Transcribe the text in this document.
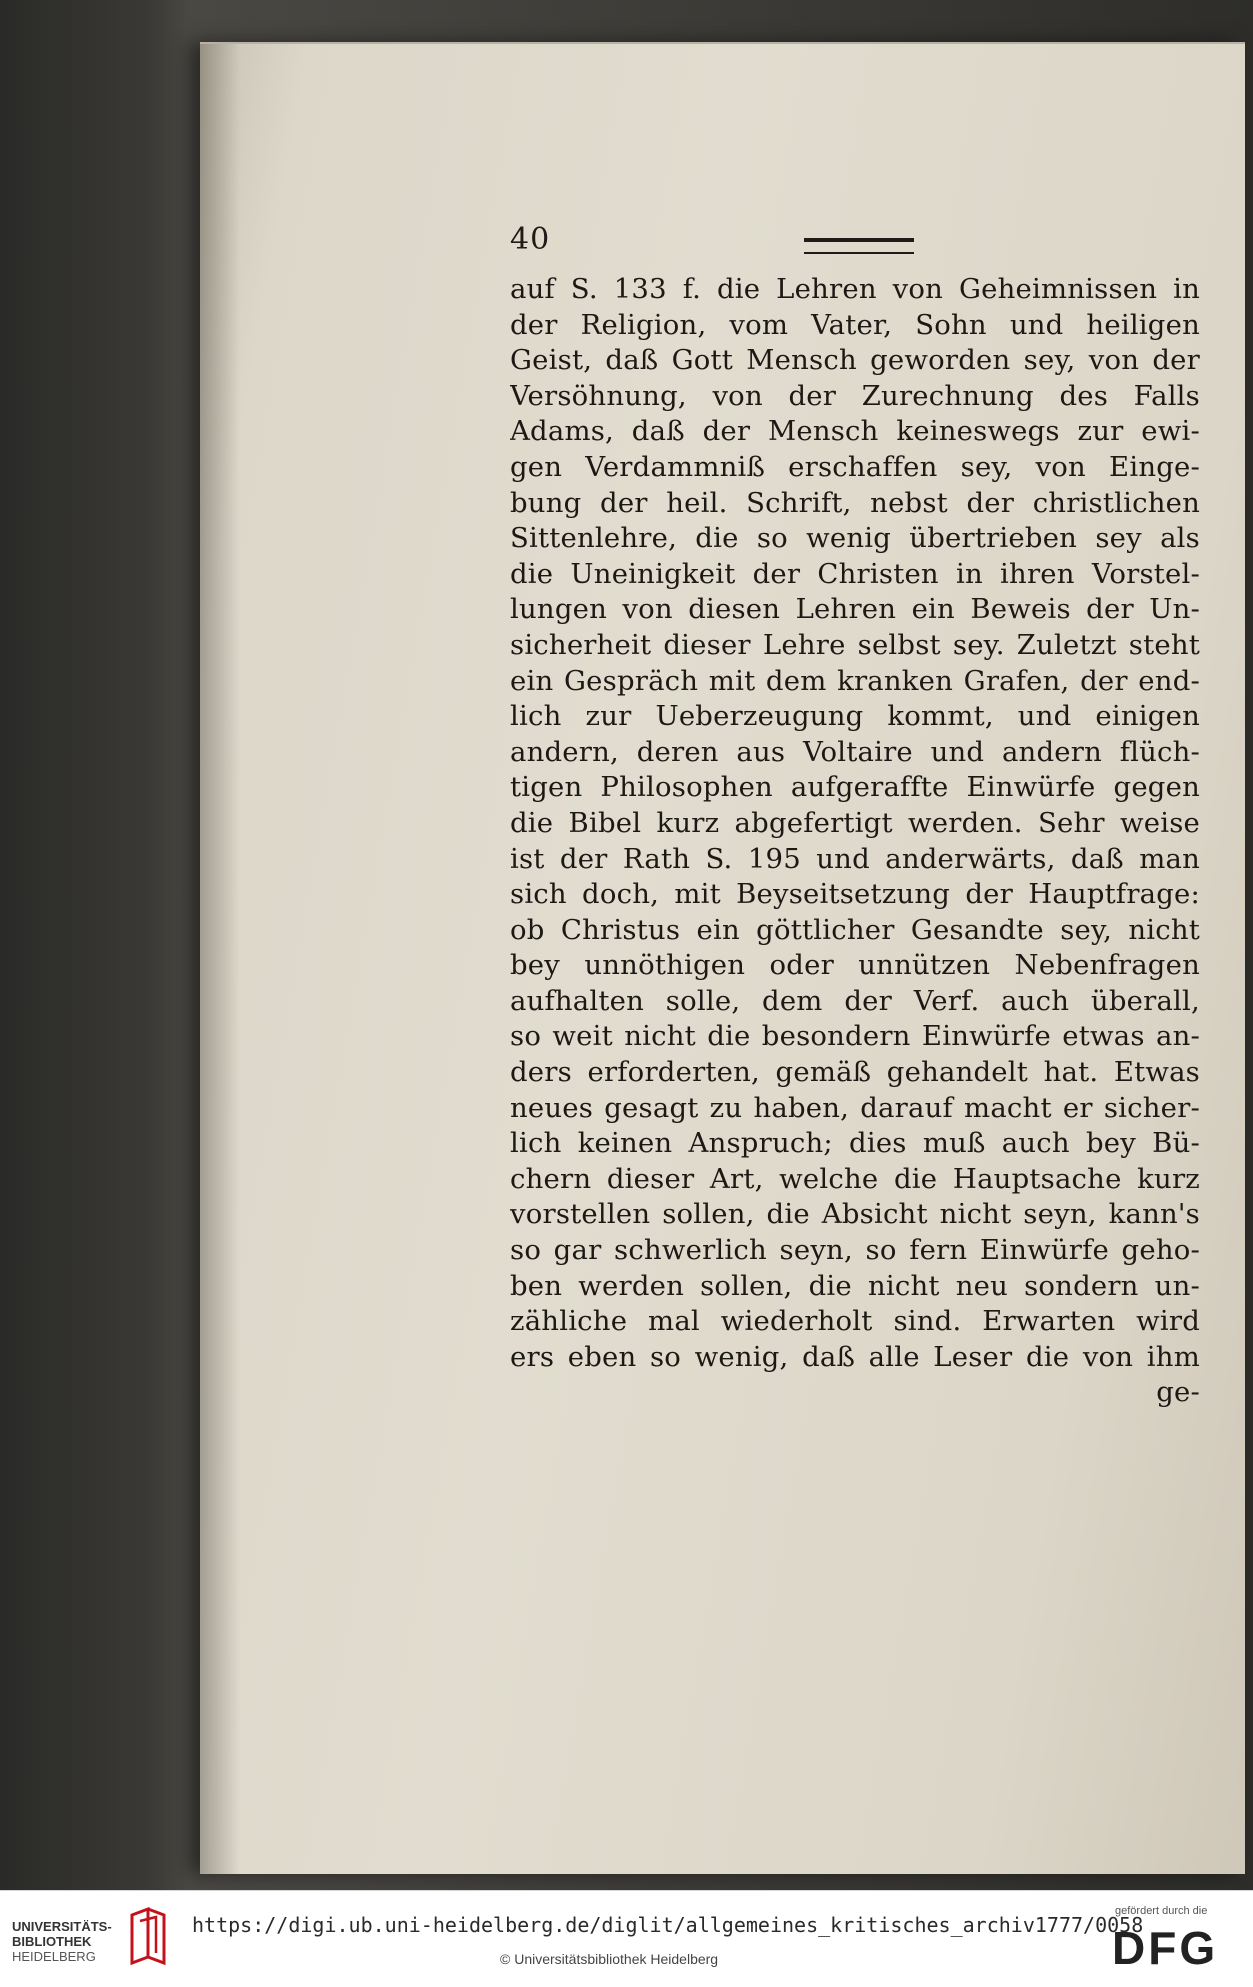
40
auf S. 133 f. die Lehren von Geheimnissen in
der Religion, vom Vater, Sohn und heiligen
Geist, daß Gott Mensch geworden sey, von der
Versöhnung, von der Zurechnung des Falls
Adams, daß der Mensch keineswegs zur ewi-
gen Verdammniß erschaffen sey, von Einge-
bung der heil. Schrift, nebst der christlichen
Sittenlehre, die so wenig übertrieben sey als
die Uneinigkeit der Christen in ihren Vorstel-
lungen von diesen Lehren ein Beweis der Un-
sicherheit dieser Lehre selbst sey. Zuletzt steht
ein Gespräch mit dem kranken Grafen, der end-
lich zur Ueberzeugung kommt, und einigen
andern, deren aus Voltaire und andern flüch-
tigen Philosophen aufgeraffte Einwürfe gegen
die Bibel kurz abgefertigt werden. Sehr weise
ist der Rath S. 195 und anderwärts, daß man
sich doch, mit Beyseitsetzung der Hauptfrage:
ob Christus ein göttlicher Gesandte sey, nicht
bey unnöthigen oder unnützen Nebenfragen
aufhalten solle, dem der Verf. auch überall,
so weit nicht die besondern Einwürfe etwas an-
ders erforderten, gemäß gehandelt hat. Etwas
neues gesagt zu haben, darauf macht er sicher-
lich keinen Anspruch; dies muß auch bey Bü-
chern dieser Art, welche die Hauptsache kurz
vorstellen sollen, die Absicht nicht seyn, kann's
so gar schwerlich seyn, so fern Einwürfe geho-
ben werden sollen, die nicht neu sondern un-
zähliche mal wiederholt sind. Erwarten wird
ers eben so wenig, daß alle Leser die von ihm
ge-
UNIVERSITÄTS-
BIBLIOTHEK
HEIDELBERG
https://digi.ub.uni-heidelberg.de/diglit/allgemeines_kritisches_archiv1777/0058
© Universitätsbibliothek Heidelberg
gefördert durch die
DFG
